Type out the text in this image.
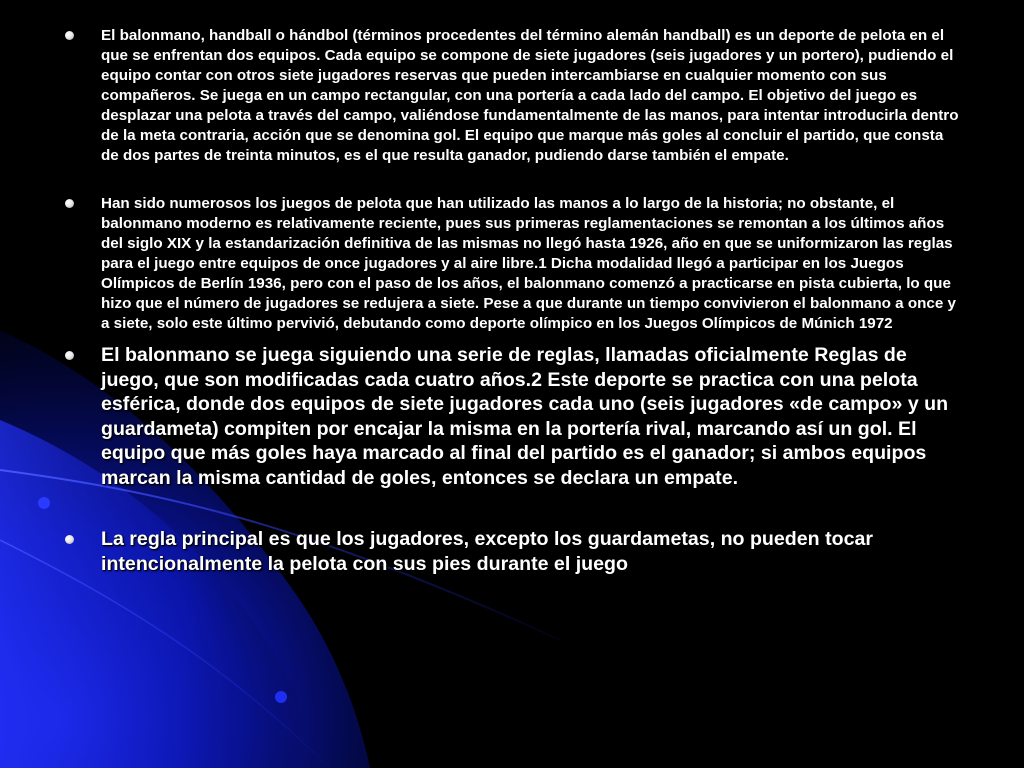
El balonmano, handball o hándbol (términos procedentes del término alemán handball) es un deporte de pelota en el que se enfrentan dos equipos. Cada equipo se compone de siete jugadores (seis jugadores y un portero), pudiendo el equipo contar con otros siete jugadores reservas que pueden intercambiarse en cualquier momento con sus compañeros. Se juega en un campo rectangular, con una portería a cada lado del campo. El objetivo del juego es desplazar una pelota a través del campo, valiéndose fundamentalmente de las manos, para intentar introducirla dentro de la meta contraria, acción que se denomina gol. El equipo que marque más goles al concluir el partido, que consta de dos partes de treinta minutos, es el que resulta ganador, pudiendo darse también el empate.
Han sido numerosos los juegos de pelota que han utilizado las manos a lo largo de la historia; no obstante, el balonmano moderno es relativamente reciente, pues sus primeras reglamentaciones se remontan a los últimos años del siglo XIX y la estandarización definitiva de las mismas no llegó hasta 1926, año en que se uniformizaron las reglas para el juego entre equipos de once jugadores y al aire libre.1 Dicha modalidad llegó a participar en los Juegos Olímpicos de Berlín 1936, pero con el paso de los años, el balonmano comenzó a practicarse en pista cubierta, lo que hizo que el número de jugadores se redujera a siete. Pese a que durante un tiempo convivieron el balonmano a once y a siete, solo este último pervivió, debutando como deporte olímpico en los Juegos Olímpicos de Múnich 1972
El balonmano se juega siguiendo una serie de reglas, llamadas oficialmente Reglas de juego, que son modificadas cada cuatro años.2 Este deporte se practica con una pelota esférica, donde dos equipos de siete jugadores cada uno (seis jugadores «de campo» y un guardameta) compiten por encajar la misma en la portería rival, marcando así un gol. El equipo que más goles haya marcado al final del partido es el ganador; si ambos equipos marcan la misma cantidad de goles, entonces se declara un empate.
La regla principal es que los jugadores, excepto los guardametas, no pueden tocar intencionalmente la pelota con sus pies durante el juego
